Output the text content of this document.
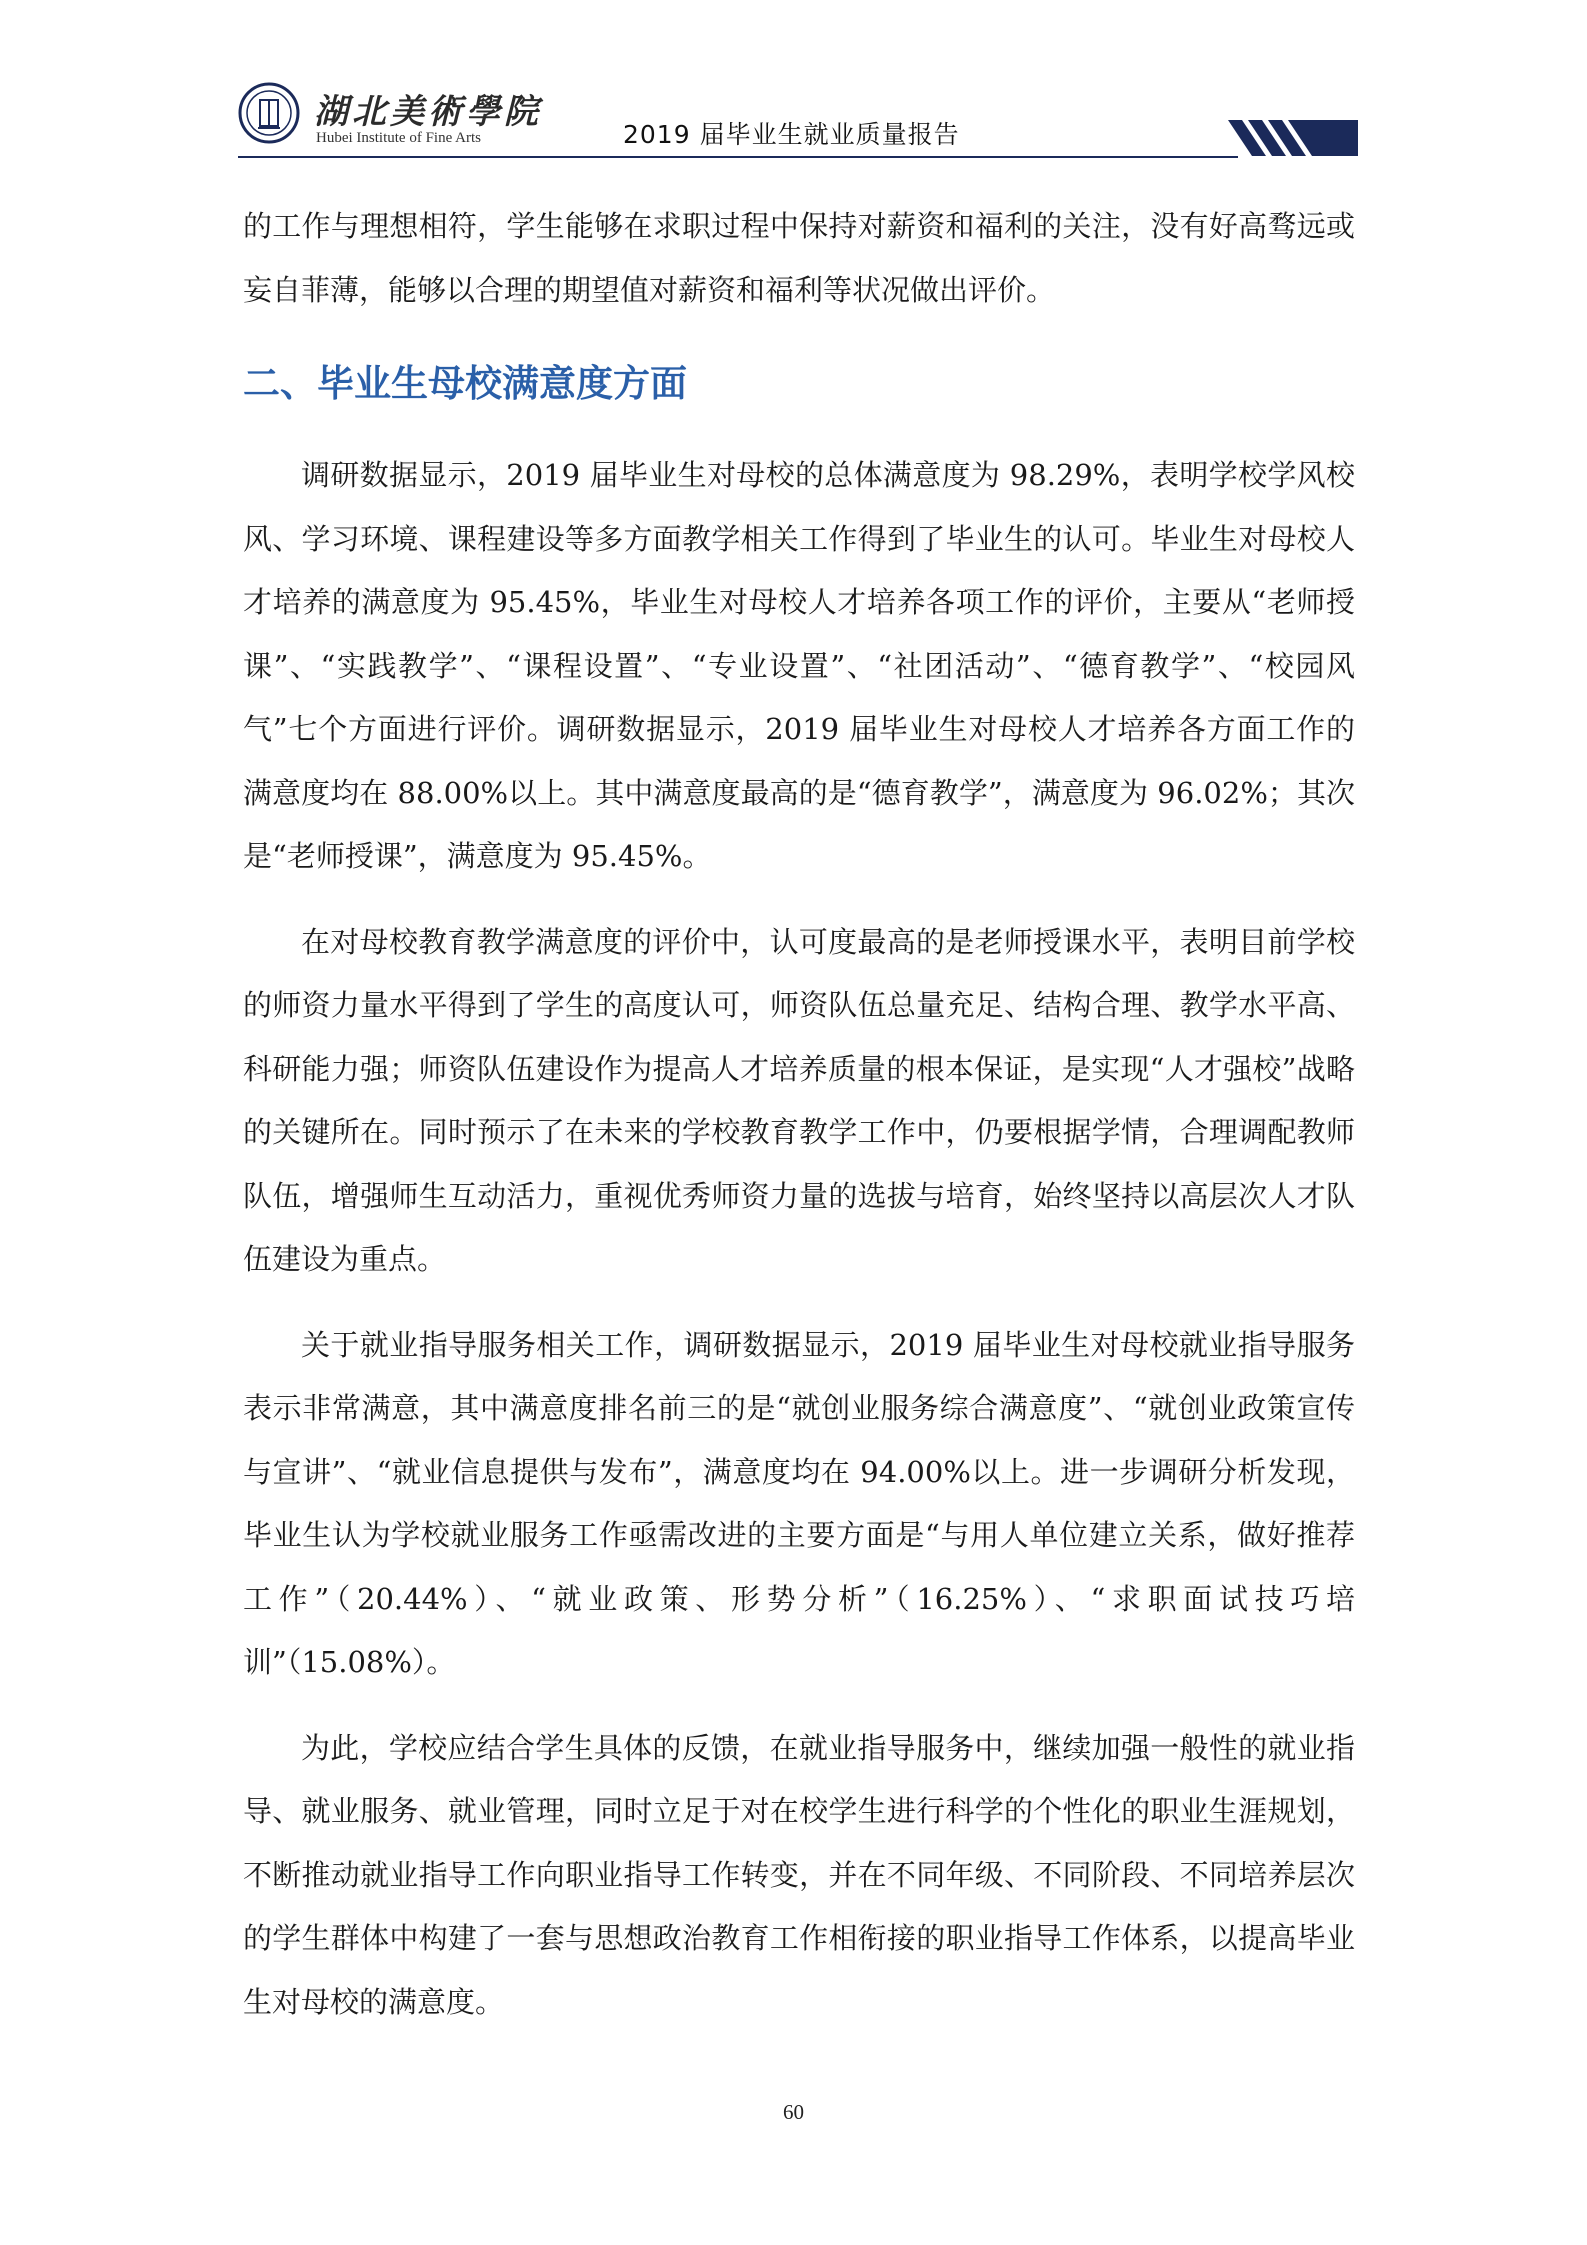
湖北美術學院
Hubei Institute of Fine Arts	2019 届毕业生就业质量报告

的工作与理想相符，学生能够在求职过程中保持对薪资和福利的关注，没有好高骛远或妄自菲薄，能够以合理的期望值对薪资和福利等状况做出评价。

二、毕业生母校满意度方面

调研数据显示，2019 届毕业生对母校的总体满意度为 98.29%，表明学校学风校风、学习环境、课程建设等多方面教学相关工作得到了毕业生的认可。毕业生对母校人才培养的满意度为 95.45%，毕业生对母校人才培养各项工作的评价，主要从“老师授课”、“实践教学”、“课程设置”、“专业设置”、“社团活动”、“德育教学”、“校园风气”七个方面进行评价。调研数据显示，2019 届毕业生对母校人才培养各方面工作的满意度均在 88.00%以上。其中满意度最高的是“德育教学”，满意度为 96.02%；其次是“老师授课”，满意度为 95.45%。

在对母校教育教学满意度的评价中，认可度最高的是老师授课水平，表明目前学校的师资力量水平得到了学生的高度认可，师资队伍总量充足、结构合理、教学水平高、科研能力强；师资队伍建设作为提高人才培养质量的根本保证，是实现“人才强校”战略的关键所在。同时预示了在未来的学校教育教学工作中，仍要根据学情，合理调配教师队伍，增强师生互动活力，重视优秀师资力量的选拔与培育，始终坚持以高层次人才队伍建设为重点。

关于就业指导服务相关工作，调研数据显示，2019 届毕业生对母校就业指导服务表示非常满意，其中满意度排名前三的是“就创业服务综合满意度”、“就创业政策宣传与宣讲”、“就业信息提供与发布”，满意度均在 94.00%以上。进一步调研分析发现，毕业生认为学校就业服务工作亟需改进的主要方面是“与用人单位建立关系，做好推荐工作”（20.44%）、“就业政策、形势分析”（16.25%）、“求职面试技巧培训”（15.08%）。

为此，学校应结合学生具体的反馈，在就业指导服务中，继续加强一般性的就业指导、就业服务、就业管理，同时立足于对在校学生进行科学的个性化的职业生涯规划，不断推动就业指导工作向职业指导工作转变，并在不同年级、不同阶段、不同培养层次的学生群体中构建了一套与思想政治教育工作相衔接的职业指导工作体系，以提高毕业生对母校的满意度。

60
